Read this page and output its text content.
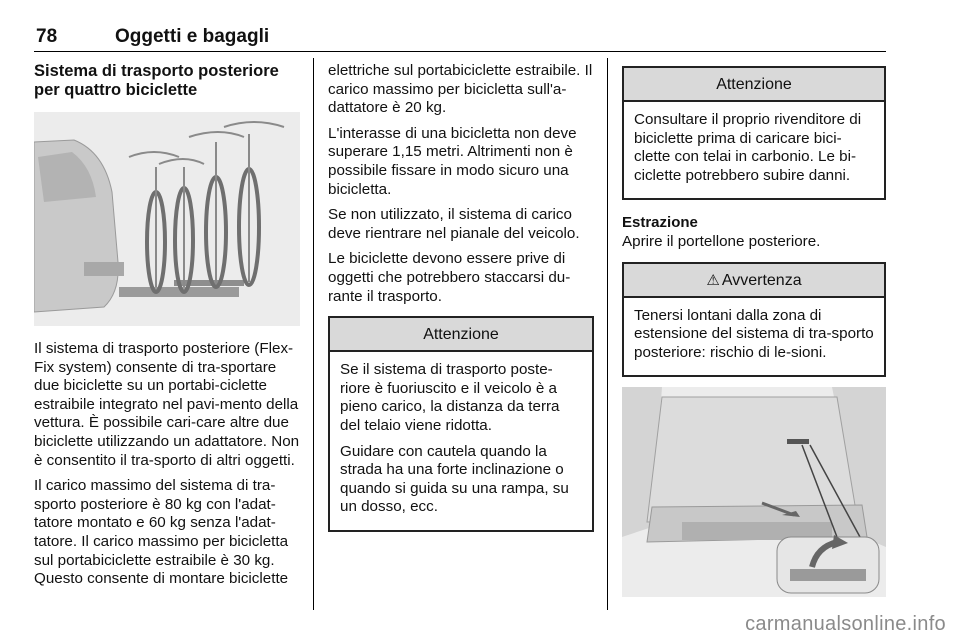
78	Oggetti e bagagli
Sistema di trasporto posteriore per quattro biciclette

Il sistema di trasporto posteriore (Flex-Fix system) consente di tra-sportare due biciclette su un portabi-ciclette estraibile integrato nel pavi-mento della vettura. È possibile cari-care altre due biciclette utilizzando un adattatore. Non è consentito il tra-sporto di altri oggetti.

Il carico massimo del sistema di tra-sporto posteriore è 80 kg con l'adat-tatore montato e 60 kg senza l'adat-tatore. Il carico massimo per bicicletta sul portabiciclette estraibile è 30 kg. Questo consente di montare biciclette

elettriche sul portabiciclette estraibile. Il carico massimo per bicicletta sull'a-dattatore è 20 kg.

L'interasse di una bicicletta non deve superare 1,15 metri. Altrimenti non è possibile fissare in modo sicuro una bicicletta.

Se non utilizzato, il sistema di carico deve rientrare nel pianale del veicolo.

Le biciclette devono essere prive di oggetti che potrebbero staccarsi du-rante il trasporto.

Attenzione

Se il sistema di trasporto poste-riore è fuoriuscito e il veicolo è a pieno carico, la distanza da terra del telaio viene ridotta.

Guidare con cautela quando la strada ha una forte inclinazione o quando si guida su una rampa, su un dosso, ecc.

Attenzione

Consultare il proprio rivenditore di biciclette prima di caricare bici-clette con telai in carbonio. Le bi-ciclette potrebbero subire danni.

Estrazione

Aprire il portellone posteriore.

⚠ Avvertenza

Tenersi lontani dalla zona di estensione del sistema di tra-sporto posteriore: rischio di le-sioni.

carmanualsonline.info
